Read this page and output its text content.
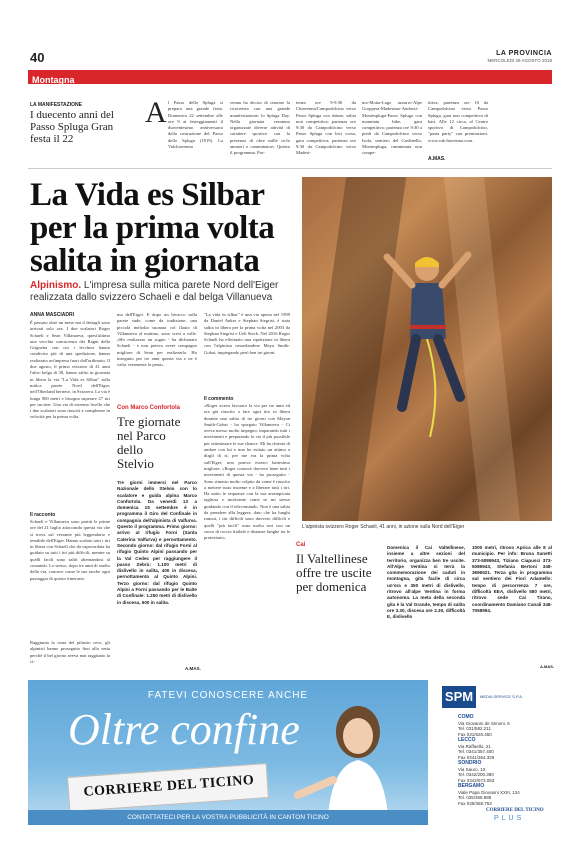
40	LA PROVINCIA
MERCOLEDÌ 28 AGOSTO 2019
Montagna
LA MANIFESTAZIONE
I duecento anni del Passo Spluga Gran festa il 22
A l Passo dello Spluga si prepara una grande festa. Domenica 22 settembre alle ore 9 ai festeggiamenti il duecentesimo anniversario della costruzione del Passo dello Spluga (1819). La Valchiavenna
venna ha deciso di onorare la ricorrenza con una grande manifestazione: lo Spluga Day. Nella giornata verranno organizzate diverse attività di carattere sportivo con la presenza di oltre mille ciclo amatori e camminatori. Questo il programma. Par-
tenza ore 9-9:30 da Chiavenna/Campodolcino verso Passo Spluga con sbiuse, salita non competitiva; partenza ore 9:30 da Campodolcino verso Passo Spluga con bici corsa, gara competitiva; partenza ore 9:30 da Campodolcino verso Madesi-
mo-Motta-Lago azzurro-Alpe Groppera-Madesimo-Andossi-Montespluga-Passo Spluga con mountain bike, gara competitiva; partenza ore 9:30 a piedi da Campodolcino verso Isola, sentiero del Cardinello, Montespluga, camminata non compe-
titiva; partenza ore 10 da Campodolcino verso Passo Spluga, gara non competitiva di kart. Alle 12 circa, al Centro sportivo di Campodolcino, "pasta party" con premiazioni. www.valchiavenna.com.
A.MAS.
La Vida es Silbar per la prima volta salita in giornata
Alpinismo. L'impresa sulla mitica parete Nord dell'Eiger realizzata dallo svizzero Schaeli e dal belga Villanueva
L'alpinista svizzero Roger Schaeli, 41 anni, in azione sulla Nord dell'Eiger
ANNA MASCIADRI
È passato oltre un mese ma il dettagli sono arrivati solo ora. I due scalatori Roger Schaeli e Sean Villanueva, quest'ultimo una vecchia conoscenza dei Ragni della Grignetta con cui i lecchesi hanno condiviso più di una spedizione, hanno realizzato un'impresa fuori dall'ordinario. Il due agosto, il primo svizzero di 41 anni l'altro belga di 38, hanno salito in giornata in libera la via "La Vida es Silbar" sulla mitica parete Nord dell'Eiger, nell'Oberland bernese, in Svizzera. La via è lunga 900 metri e bisogna superare 27 tiri per uscirne. Una via di estremo livello che i due scalatori sono riusciti a completare in velocità per la prima volta.
Il racconto
Schaeli e Villanueva sono partiti le prime ore del 21 luglio attaccando questa via che si trova sul versante più leggendario e temibile dell'Eiger. Hanno scalato tutti i tiri in libera con Schaeli che da capocordata ha guidato su tutti i tiri più difficili, mentre su quelli facili sono saliti alternandosi al comando. Lo stesso, dopo tre anni di studio della via, conosce come le sue tasche ogni passaggio di questo itinerario.
Raggiunta la cima del pilastro ceco, gli alpinisti hanno proseguito fino alla vetta perché il bel giorno aveva mai raggiunto la ci-
ma dell'Eiger. E dopo un bivacco sulla parete sude, come da tradizione, una piccola melodia suonata col flauto di Villanueva al mattino, sono scesi a valle. «Ho realizzato un sogno - ha dichiarato Schaeli - e non potevo avere compagno migliore di Sean per realizzarlo. Ho inseguito per tre anni questa via e ne è valsa veramente la pena».
Con Marco Confortola
Tre giornate nel Parco dello Stelvio
Tre giorni immersi nel Parco Nazionale dello Stelvio con lo scalatore e guida alpina Marco Confortola. Da venerdì 13 a domenica 15 settembre è in programma il Giro del Confinale in compagnia dell'alpinista di Valfurva. Questo il programma. Primo giorno: arrivo al rifugio Forni (Santa Caterina Valfurva) e pernottamento. Secondo giorno: dal rifugio Forni al rifugio Quinto Alpini passando per la Val Cedec per raggiungere il passo Zebrù: 1.100 metri di dislivello in salita, 400 in discesa, pernottamento al Quinto Alpini. Terzo giorno: dal rifugio Quinto Alpini a Forni passando per le Baite di Confinale: 1.250 metri di dislivello in discesa, 600 in salita.
A.MAS.
"La vida es silbar" è una via aperta nel 1999 da Daniel Anker e Stephan Siegrist, è stata salita in libera per la prima volta nel 2003 da Stephan Siegrist e Ueli Steck. Nel 2016 Roger Schaeli ha effettuato una ripetizione in libera con l'alpinista neozelandese Maya Smith-Gobat, impiegando però ben tre giorni.
Il commento
«Roger aveva lavorato la via per tre anni ed era già riuscito a fare ogni tiro in libera durante una salita di tre giorni con Mayan Smith-Gobat - ha spiegato Villanueva - Ci aveva messo molto impegno, imparando tutti i movimenti e preparando la via il più possibile per ottimizzare le sue chance. Mi ha chiesto di andare con lui e non ho esitato un attimo a dirgli di sì, per me era la prima volta sull'Eiger, non poteva esserci battesimo migliore. «Roger conosce davvero bene tutti i movimenti di questa via - ha proseguito - Sono rimasto molto colpito da come è riuscito a mettere tutto insieme e a liberare tutti i tiri. Ha unito le sequenze con la sua arrampicata tagliosa e motivante come se mi stesse guidando con il telecomando. Non è una salita da prendere alla leggera, dato che ha lunghi runout, i tiri difficili sono davvero difficili e quelli "più facili" sono molto seri con un sacco di roccia friabile e distanze lunghe tra le protezioni».
Cai
Il Valtellinese offre tre uscite per domenica
Domenica il Cai Valtellinese, insieme a altre sezioni del territorio, organizza ben tre uscite. All'Alpe Ventina si terrà la commemorazione dei caduti in montagna, gita facile di circa un'ora e 350 metri di dislivello, ritrovo all'alpe Ventina in forma autonoma. La meta della seconda gita è la Val Grande, tempo di salita ore 3.30, discesa ore 2.30, difficoltà E, dislivello
1000 metri, ritrovo Aprica alle 8 al municipio. Per info: Bruna Sanetti 373-5086943, Tiziano Ciapusci 373-5086943, Stefania Bertoni 348-3696521. Terza gita in programma sul sentiero dei Fiori Adamello: tempo di percorrenza 7 ore, difficoltà EEA, dislivello 580 metri, ritrovo sede Cai Tirano, coordinamento Damiano Canali 348-7058994.
A.MAS.
FATEVI CONOSCERE ANCHE
Oltre confine
CORRIERE DEL TICINO
CONTATTATECI PER LA VOSTRA PUBBLICITÀ IN CANTON TICINO
SPM	MEDIA SERVICE S.P.A.
COMO
Via Giovanni de Simoni, 6
Tel. 031/582.211
Fax 031/526.450
LECCO
Via Raffaello, 21
Tel. 0341/357.400
Fax 0341/364.329
SONDRIO
Via Sauro, 13
Tel. 0342/200.380
Fax 0342/573.053
BERGAMO
Viale Papa Giovanni XXIII, 124
Tel. 035/358.888
Fax 035/358.753
CORRIERE DEL TICINO
PLUS
